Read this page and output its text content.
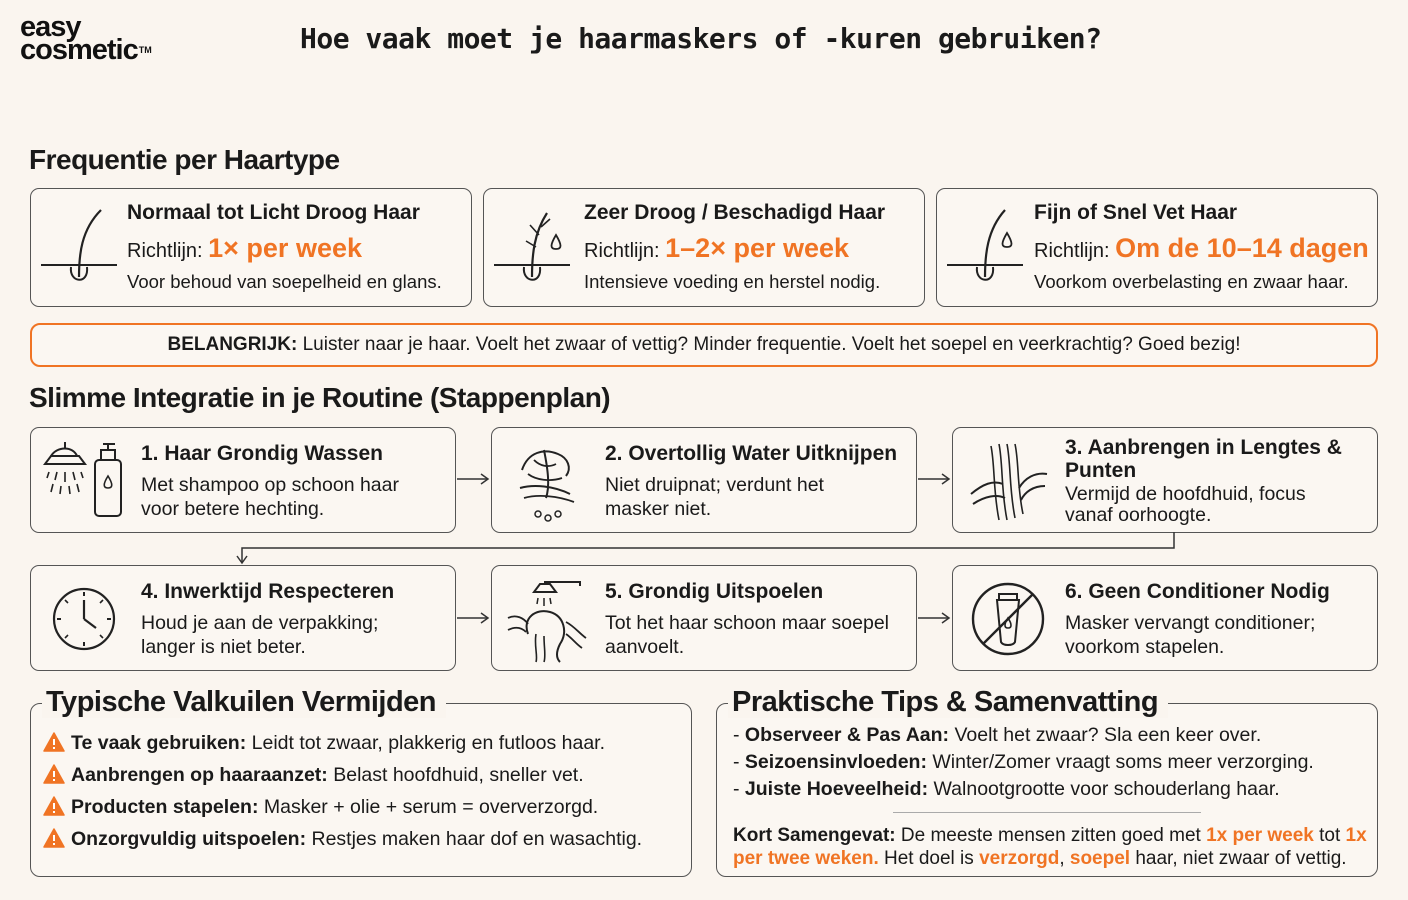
easy
cosmetic™	Hoe vaak moet je haarmaskers of -kuren gebruiken?
Frequentie per Haartype
Normaal tot Licht Droog Haar
Richtlijn: 1× per week
Voor behoud van soepelheid en glans.
Zeer Droog / Beschadigd Haar
Richtlijn: 1–2× per week
Intensieve voeding en herstel nodig.
Fijn of Snel Vet Haar
Richtlijn: Om de 10–14 dagen
Voorkom overbelasting en zwaar haar.
BELANGRIJK: Luister naar je haar. Voelt het zwaar of vettig? Minder frequentie. Voelt het soepel en veerkrachtig? Goed bezig!
Slimme Integratie in je Routine (Stappenplan)
1. Haar Grondig Wassen
Met shampoo op schoon haar voor betere hechting.
2. Overtollig Water Uitknijpen
Niet druipnat; verdunt het masker niet.
3. Aanbrengen in Lengtes & Punten
Vermijd de hoofdhuid, focus vanaf oorhoogte.
4. Inwerktijd Respecteren
Houd je aan de verpakking; langer is niet beter.
5. Grondig Uitspoelen
Tot het haar schoon maar soepel aanvoelt.
6. Geen Conditioner Nodig
Masker vervangt conditioner; voorkom stapelen.
Te vaak gebruiken: Leidt tot zwaar, plakkerig en futloos haar.
Aanbrengen op haaraanzet: Belast hoofdhuid, sneller vet.
Producten stapelen: Masker + olie + serum = oververzorgd.
Onzorgvuldig uitspoelen: Restjes maken haar dof en wasachtig.
Typische Valkuilen Vermijden
- Observeer & Pas Aan: Voelt het zwaar? Sla een keer over.
- Seizoensinvloeden: Winter/Zomer vraagt soms meer verzorging.
- Juiste Hoeveelheid: Walnootgrootte voor schouderlang haar.
Kort Samengevat: De meeste mensen zitten goed met 1x per week tot 1x per twee weken. Het doel is verzorgd, soepel haar, niet zwaar of vettig.
Praktische Tips & Samenvatting
